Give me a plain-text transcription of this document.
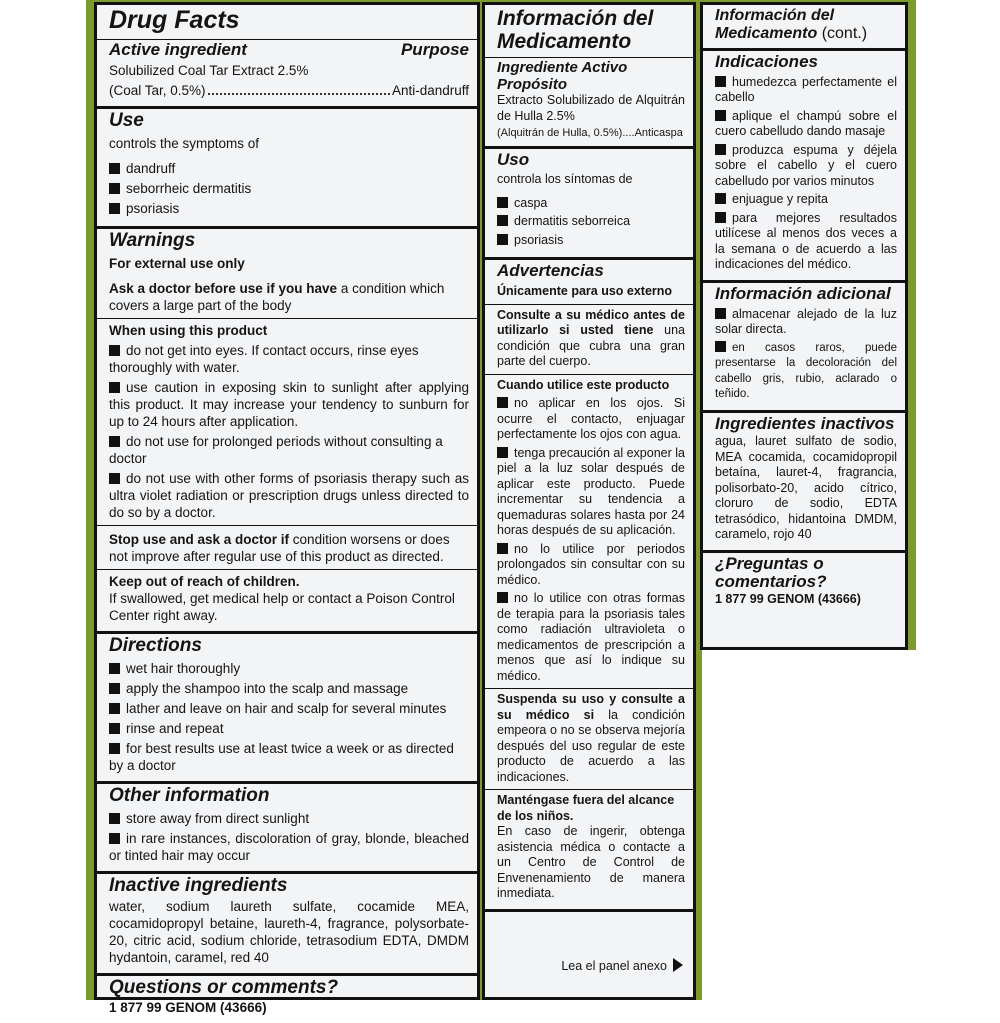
Drug Facts
Active ingredient	Purpose
Solubilized Coal Tar Extract 2.5%
(Coal Tar, 0.5%)	Anti-dandruff
Use
controls the symptoms of
dandruff
seborrheic dermatitis
psoriasis
Warnings
For external use only
Ask a doctor before use if you have a condition which covers a large part of the body
When using this product
do not get into eyes. If contact occurs, rinse eyes thoroughly with water.
use caution in exposing skin to sunlight after applying this product. It may increase your tendency to sunburn for up to 24 hours after application.
do not use for prolonged periods without consulting a doctor
do not use with other forms of psoriasis therapy such as ultra violet radiation or prescription drugs unless directed to do so by a doctor.
Stop use and ask a doctor if condition worsens or does not improve after regular use of this product as directed.
Keep out of reach of children.
If swallowed, get medical help or contact a Poison Control Center right away.
Directions
wet hair thoroughly
apply the shampoo into the scalp and massage
lather and leave on hair and scalp for several minutes
rinse and repeat
for best results use at least twice a week or as directed by a doctor
Other information
store away from direct sunlight
in rare instances, discoloration of gray, blonde, bleached or tinted hair may occur
Inactive ingredients
water, sodium laureth sulfate, cocamide MEA, cocamidopropyl betaine, laureth-4, fragrance, polysorbate-20, citric acid, sodium chloride, tetrasodium EDTA, DMDM hydantoin, caramel, red 40
Questions or comments?
1 877 99 GENOM (43666)
Información del Medicamento
Ingrediente Activo Propósito
Extracto Solubilizado de Alquitrán de Hulla 2.5%
(Alquitrán de Hulla, 0.5%)....Anticaspa
Uso
controla los síntomas de
caspa
dermatitis seborreica
psoriasis
Advertencias
Únicamente para uso externo
Consulte a su médico antes de utilizarlo si usted tiene una condición que cubra una gran parte del cuerpo.
Cuando utilice este producto
no aplicar en los ojos. Si ocurre el contacto, enjuagar perfectamente los ojos con agua.
tenga precaución al exponer la piel a la luz solar después de aplicar este producto. Puede incrementar su tendencia a quemaduras solares hasta por 24 horas después de su aplicación.
no lo utilice por periodos prolongados sin consultar con su médico.
no lo utilice con otras formas de terapia para la psoriasis tales como radiación ultravioleta o medicamentos de prescripción a menos que así lo indique su médico.
Suspenda su uso y consulte a su médico si la condición empeora o no se observa mejoría después del uso regular de este producto de acuerdo a las indicaciones.
Manténgase fuera del alcance de los niños.
En caso de ingerir, obtenga asistencia médica o contacte a un Centro de Control de Envenenamiento de manera inmediata.
Lea el panel anexo
Información del
Medicamento (cont.)
Indicaciones
humedezca perfectamente el cabello
aplique el champú sobre el cuero cabelludo dando masaje
produzca espuma y déjela sobre el cabello y el cuero cabelludo por varios minutos
enjuague y repita
para mejores resultados utilícese al menos dos veces a la semana o de acuerdo a las indicaciones del médico.
Información adicional
almacenar alejado de la luz solar directa.
en casos raros, puede presentarse la decoloración del cabello gris, rubio, aclarado o teñido.
Ingredientes inactivos
agua, lauret sulfato de sodio, MEA cocamida, cocamidopropil betaína, lauret-4, fragrancia, polisorbato-20, acido cítrico, cloruro de sodio, EDTA tetrasódico, hidantoina DMDM, caramelo, rojo 40
¿Preguntas o comentarios?
1 877 99 GENOM (43666)
